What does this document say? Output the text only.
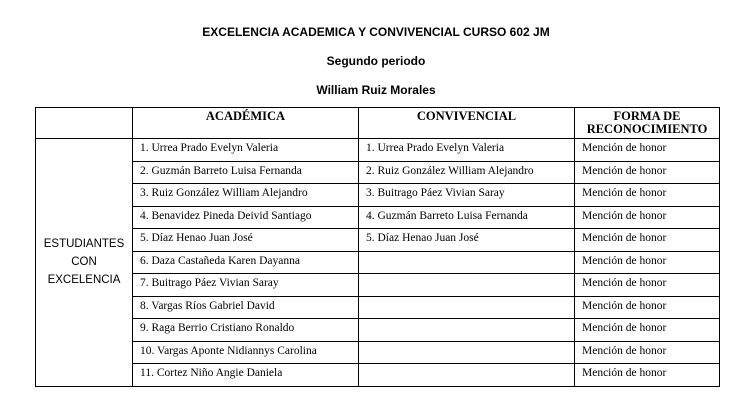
EXCELENCIA ACADEMICA Y CONVIVENCIAL CURSO 602 JM
Segundo periodo
William Ruiz Morales
	ACADÉMICA	CONVIVENCIAL	FORMA DE RECONOCIMIENTO

ESTUDIANTES
CON
EXCELENCIA	1. Urrea Prado Evelyn Valeria	1. Urrea Prado Evelyn Valeria	Mención de honor
	2. Guzmán Barreto Luisa Fernanda	2. Ruiz González William Alejandro	Mención de honor
	3. Ruiz González William Alejandro	3. Buitrago Páez Vivian Saray	Mención de honor
	4. Benavidez Pineda Deivid Santiago	4. Guzmán Barreto Luisa Fernanda	Mención de honor
	5. Díaz Henao Juan José	5. Díaz Henao Juan José	Mención de honor
	6. Daza Castañeda Karen Dayanna		Mención de honor
	7. Buitrago Páez Vivian Saray		Mención de honor
	8. Vargas Ríos Gabriel David		Mención de honor
	9. Raga Berrio Cristiano Ronaldo		Mención de honor
	10. Vargas Aponte Nidiannys Carolina		Mención de honor
	11. Cortez Niño Angie Daniela		Mención de honor
